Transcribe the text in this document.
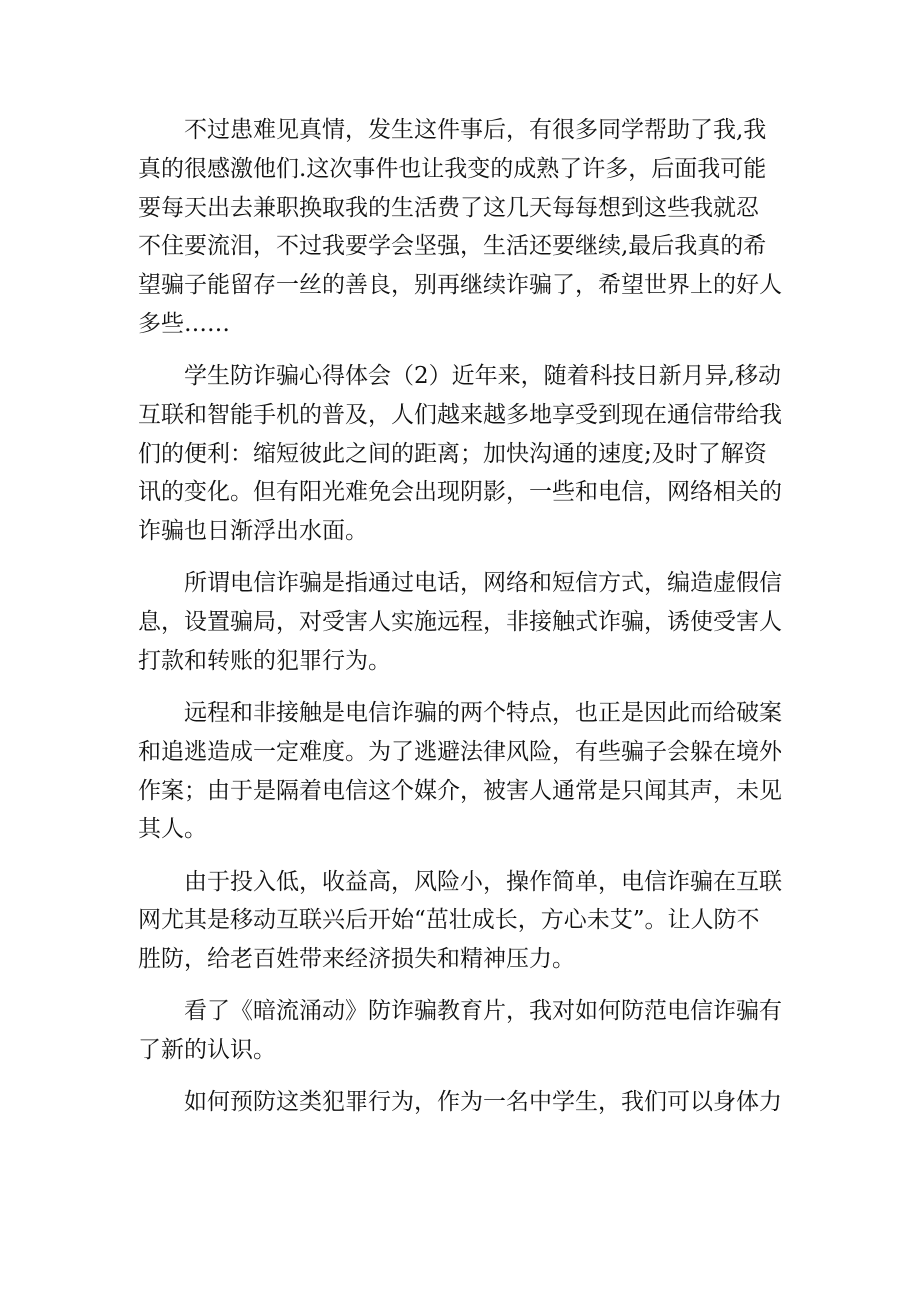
不过患难见真情，发生这件事后，有很多同学帮助了我,我
真的很感激他们.这次事件也让我变的成熟了许多，后面我可能
要每天出去兼职换取我的生活费了这几天每每想到这些我就忍
不住要流泪，不过我要学会坚强，生活还要继续,最后我真的希
望骗子能留存一丝的善良，别再继续诈骗了，希望世界上的好人
多些……

学生防诈骗心得体会（2）近年来，随着科技日新月异,移动
互联和智能手机的普及，人们越来越多地享受到现在通信带给我
们的便利：缩短彼此之间的距离；加快沟通的速度;及时了解资
讯的变化。但有阳光难免会出现阴影，一些和电信，网络相关的
诈骗也日渐浮出水面。

所谓电信诈骗是指通过电话，网络和短信方式，编造虚假信
息，设置骗局，对受害人实施远程，非接触式诈骗，诱使受害人
打款和转账的犯罪行为。

远程和非接触是电信诈骗的两个特点，也正是因此而给破案
和追逃造成一定难度。为了逃避法律风险，有些骗子会躲在境外
作案；由于是隔着电信这个媒介，被害人通常是只闻其声，未见
其人。

由于投入低，收益高，风险小，操作简单，电信诈骗在互联
网尤其是移动互联兴后开始“茁壮成长，方心未艾”。让人防不
胜防，给老百姓带来经济损失和精神压力。

看了《暗流涌动》防诈骗教育片，我对如何防范电信诈骗有
了新的认识。

如何预防这类犯罪行为，作为一名中学生，我们可以身体力
